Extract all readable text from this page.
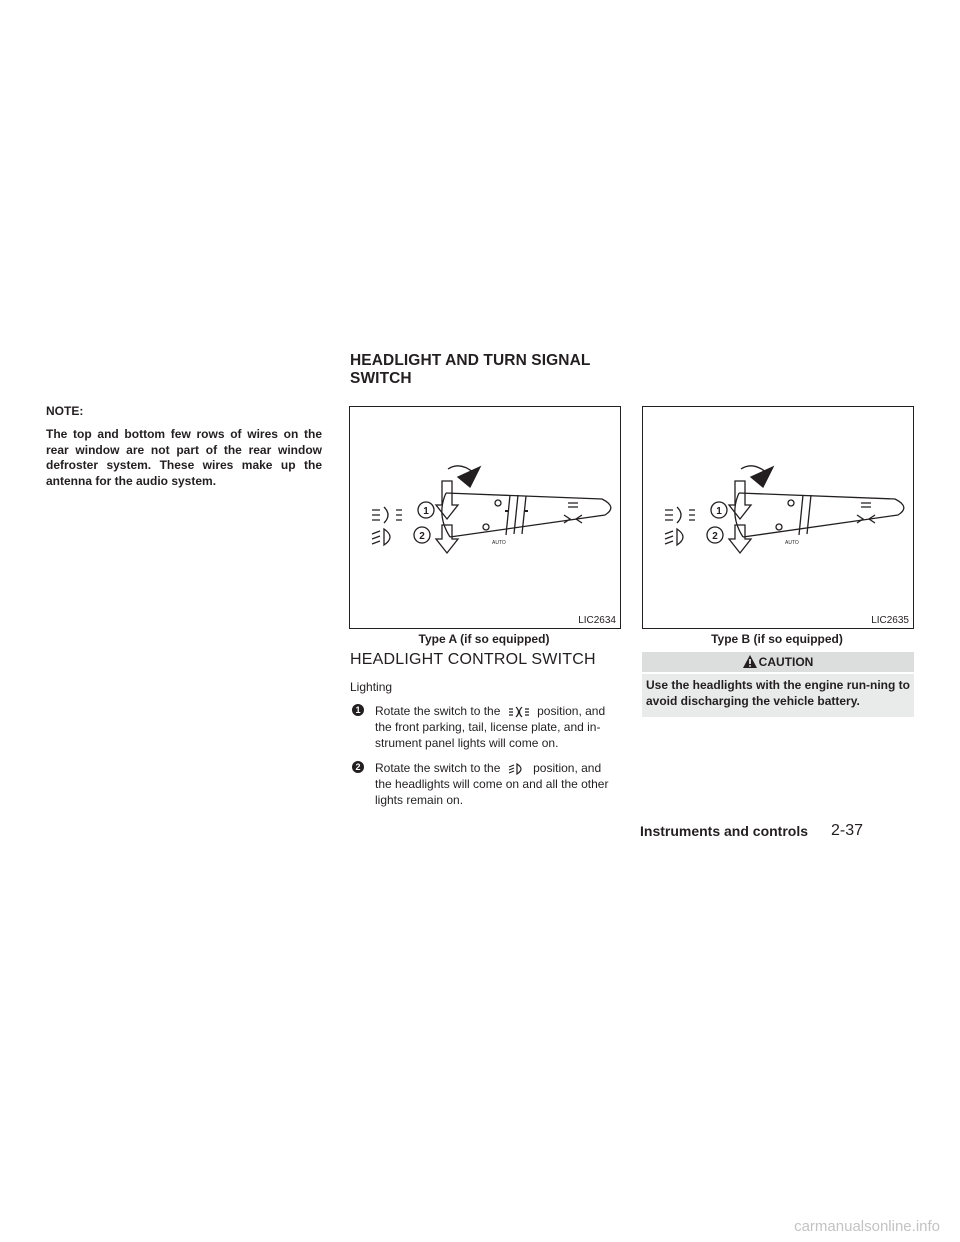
HEADLIGHT AND TURN SIGNAL
SWITCH
NOTE:
The top and bottom few rows of wires on the rear window are not part of the rear window defroster system. These wires make up the antenna for the audio system.
1
2
AUTO
LIC2634
Type A (if so equipped)
1
2
AUTO
LIC2635
Type B (if so equipped)
HEADLIGHT CONTROL SWITCH
Lighting
1 Rotate the switch to the	position, and the front parking, tail, license plate, and in-strument panel lights will come on.
2 Rotate the switch to the	position, and the headlights will come on and all the other lights remain on.
CAUTION
Use the headlights with the engine run-ning to avoid discharging the vehicle battery.
Instruments and controls 2-37
carmanualsonline.info
